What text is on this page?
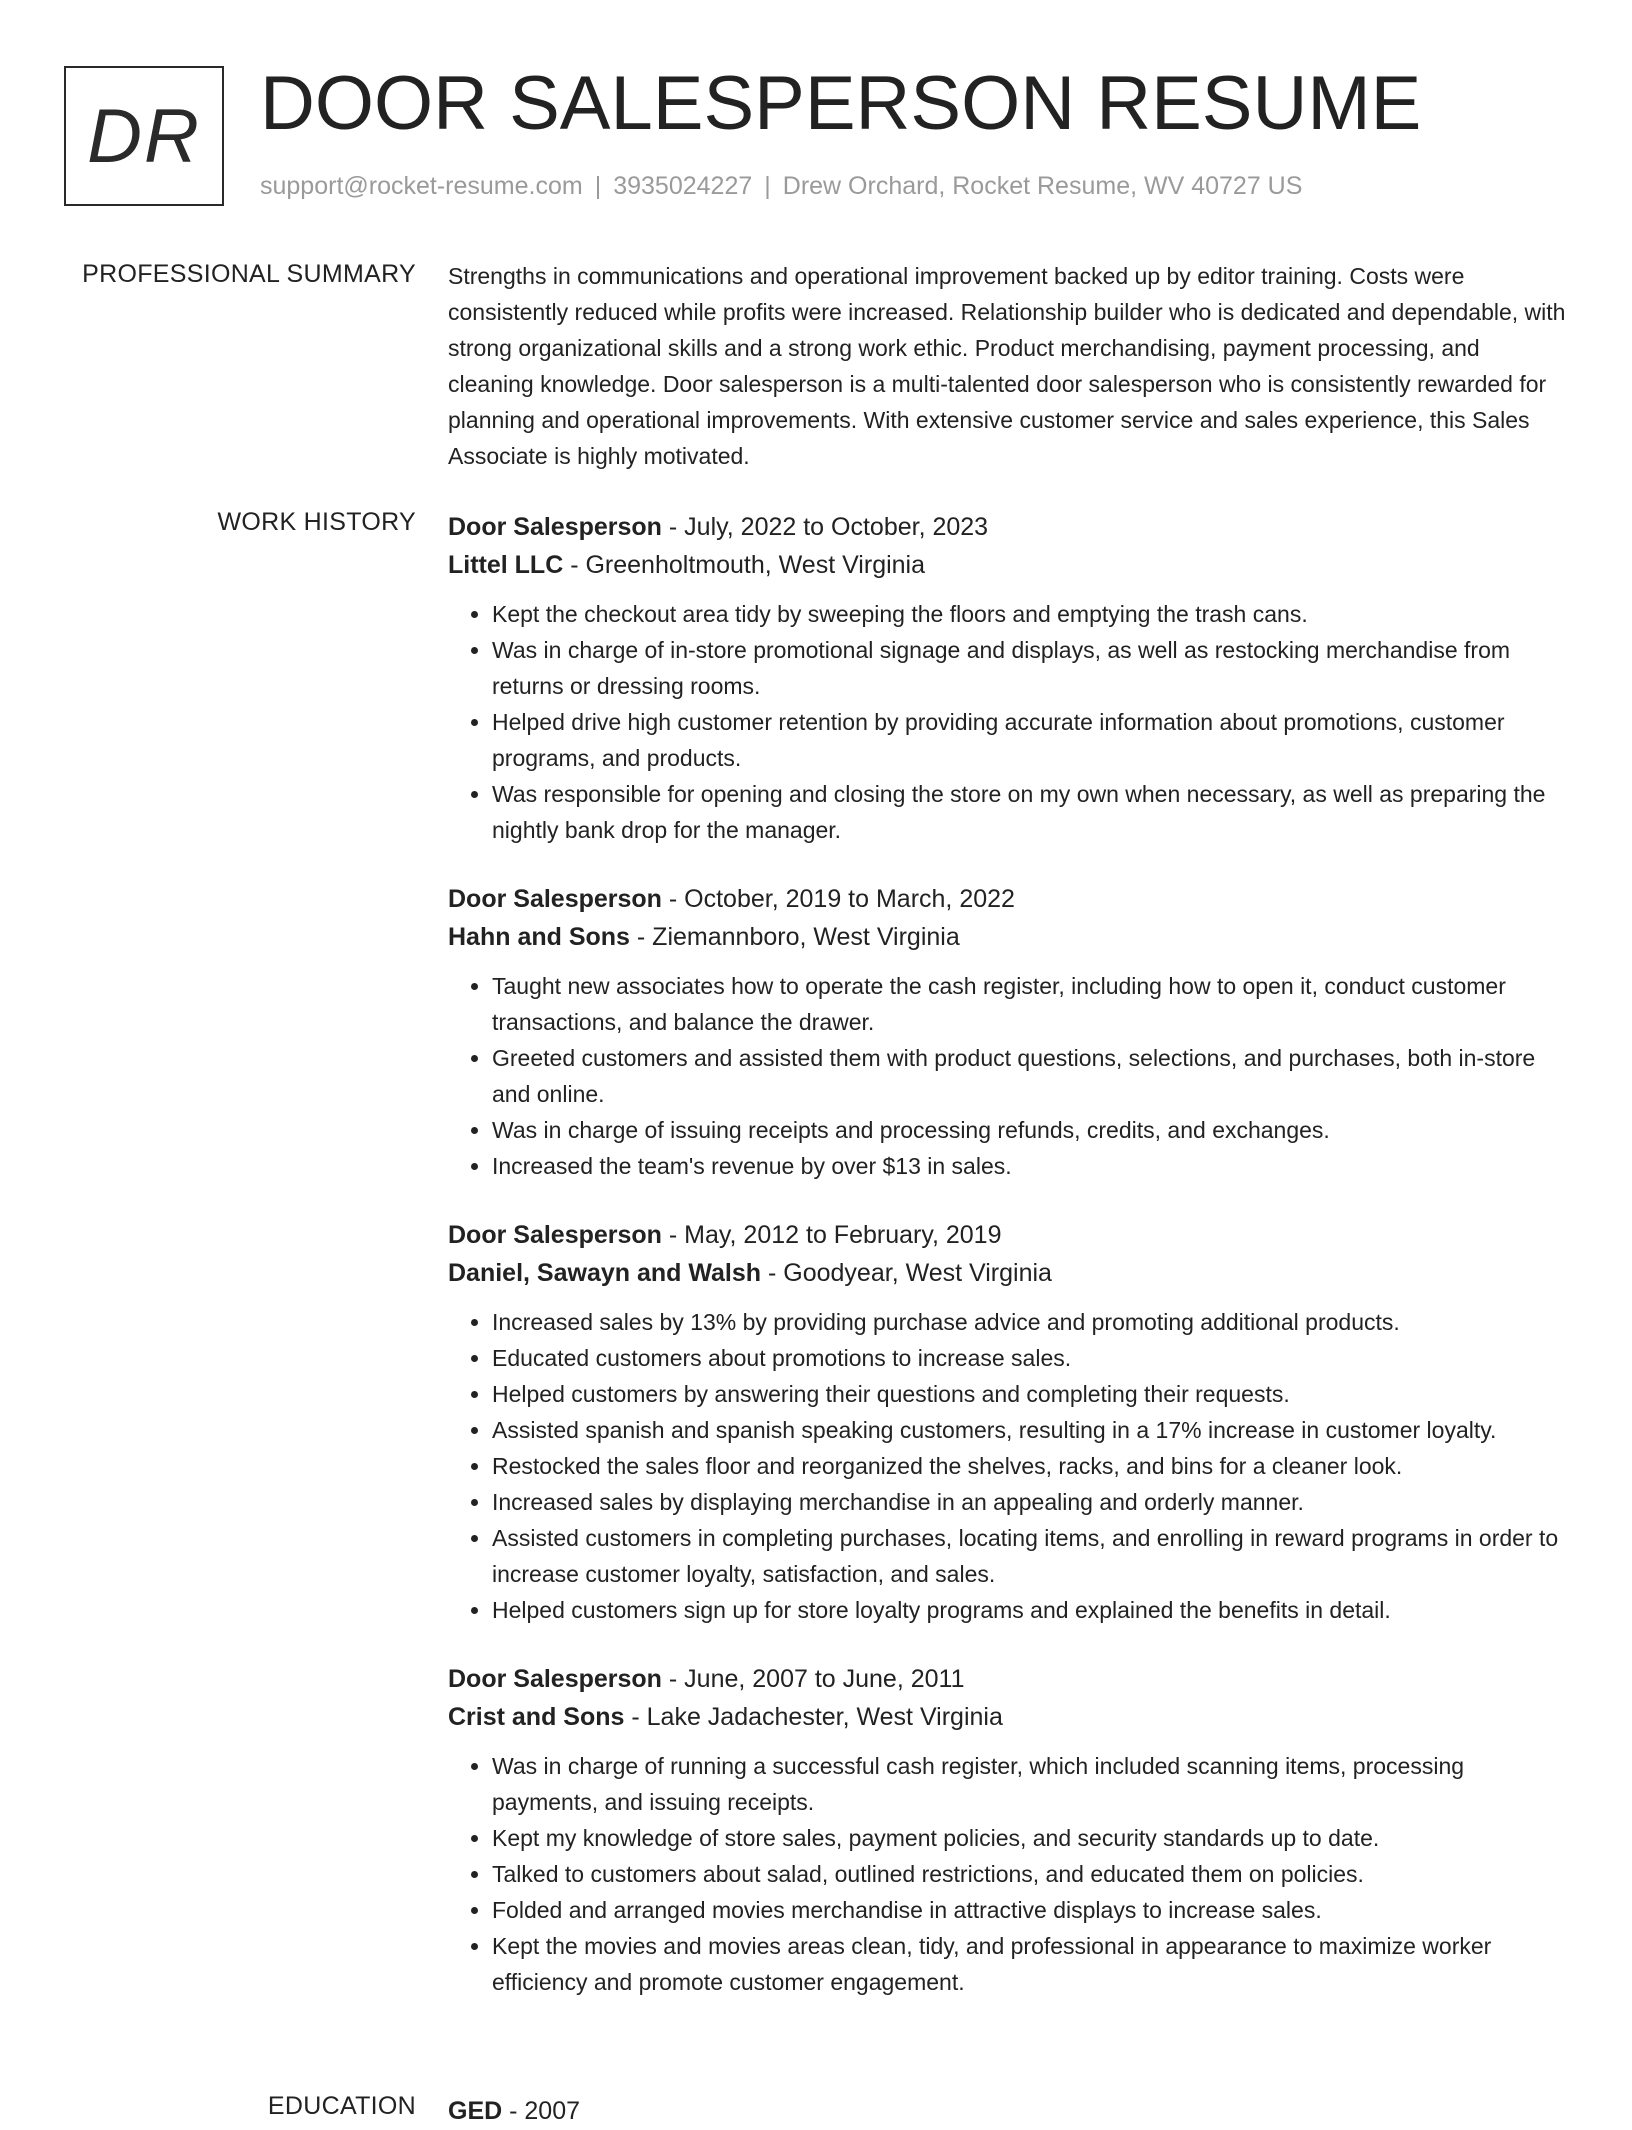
DR DOOR SALESPERSON RESUME

support@rocket-resume.com | 3935024227 | Drew Orchard, Rocket Resume, WV 40727 US

PROFESSIONAL SUMMARY Strengths in communications and operational improvement backed up by editor training. Costs were consistently reduced while profits were increased. Relationship builder who is dedicated and dependable, with strong organizational skills and a strong work ethic. Product merchandising, payment processing, and cleaning knowledge. Door salesperson is a multi-talented door salesperson who is consistently rewarded for planning and operational improvements. With extensive customer service and sales experience, this Sales Associate is highly motivated.

WORK HISTORY Door Salesperson - July, 2022 to October, 2023

Littel LLC - Greenholtmouth, West Virginia

• Kept the checkout area tidy by sweeping the floors and emptying the trash cans.
• Was in charge of in-store promotional signage and displays, as well as restocking merchandise from returns or dressing rooms.
• Helped drive high customer retention by providing accurate information about promotions, customer programs, and products.
• Was responsible for opening and closing the store on my own when necessary, as well as preparing the nightly bank drop for the manager.

Door Salesperson - October, 2019 to March, 2022

Hahn and Sons - Ziemannboro, West Virginia

• Taught new associates how to operate the cash register, including how to open it, conduct customer transactions, and balance the drawer.
• Greeted customers and assisted them with product questions, selections, and purchases, both in-store and online.
• Was in charge of issuing receipts and processing refunds, credits, and exchanges.
• Increased the team's revenue by over $13 in sales.

Door Salesperson - May, 2012 to February, 2019

Daniel, Sawayn and Walsh - Goodyear, West Virginia

• Increased sales by 13% by providing purchase advice and promoting additional products.
• Educated customers about promotions to increase sales.
• Helped customers by answering their questions and completing their requests.
• Assisted spanish and spanish speaking customers, resulting in a 17% increase in customer loyalty.
• Restocked the sales floor and reorganized the shelves, racks, and bins for a cleaner look.
• Increased sales by displaying merchandise in an appealing and orderly manner.
• Assisted customers in completing purchases, locating items, and enrolling in reward programs in order to increase customer loyalty, satisfaction, and sales.
• Helped customers sign up for store loyalty programs and explained the benefits in detail.

Door Salesperson - June, 2007 to June, 2011

Crist and Sons - Lake Jadachester, West Virginia

• Was in charge of running a successful cash register, which included scanning items, processing payments, and issuing receipts.
• Kept my knowledge of store sales, payment policies, and security standards up to date.
• Talked to customers about salad, outlined restrictions, and educated them on policies.
• Folded and arranged movies merchandise in attractive displays to increase sales.
• Kept the movies and movies areas clean, tidy, and professional in appearance to maximize worker efficiency and promote customer engagement.
EDUCATION GED - 2007
